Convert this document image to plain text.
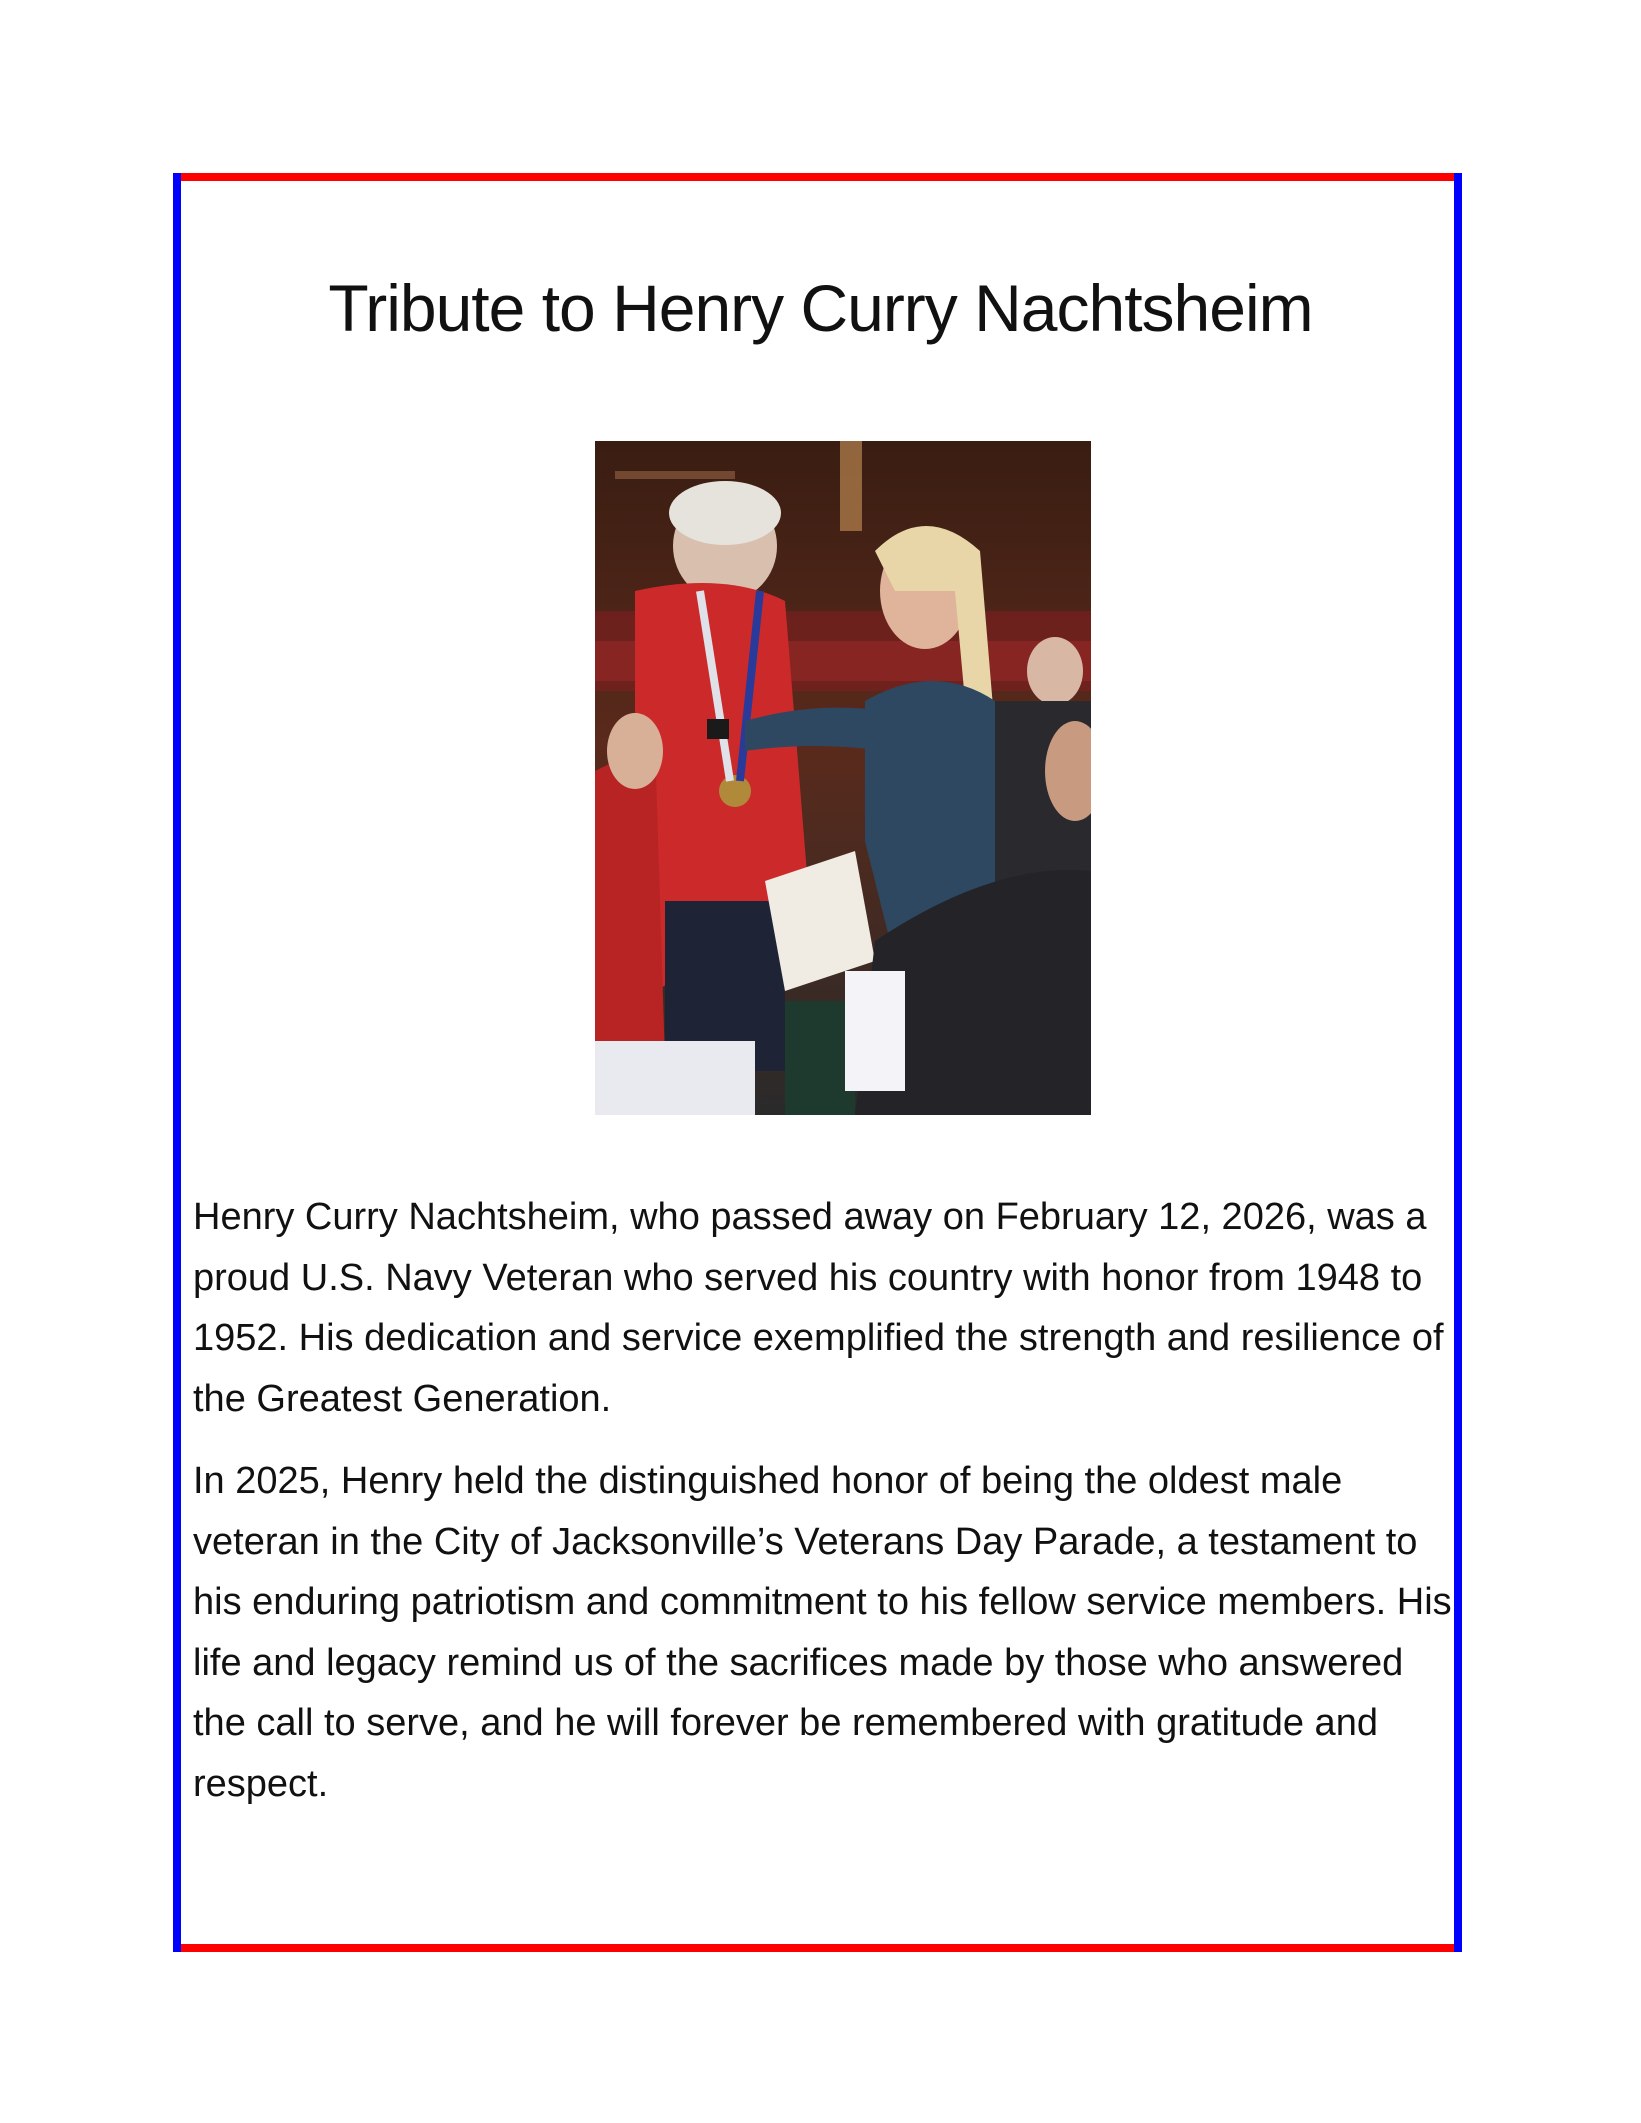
Tribute to Henry Curry Nachtsheim

Henry Curry Nachtsheim, who passed away on February 12, 2026, was a proud U.S. Navy Veteran who served his country with honor from 1948 to 1952. His dedication and service exemplified the strength and resilience of the Greatest Generation.

In 2025, Henry held the distinguished honor of being the oldest male veteran in the City of Jacksonville’s Veterans Day Parade, a testament to his enduring patriotism and commitment to his fellow service members. His life and legacy remind us of the sacrifices made by those who answered the call to serve, and he will forever be remembered with gratitude and respect.
